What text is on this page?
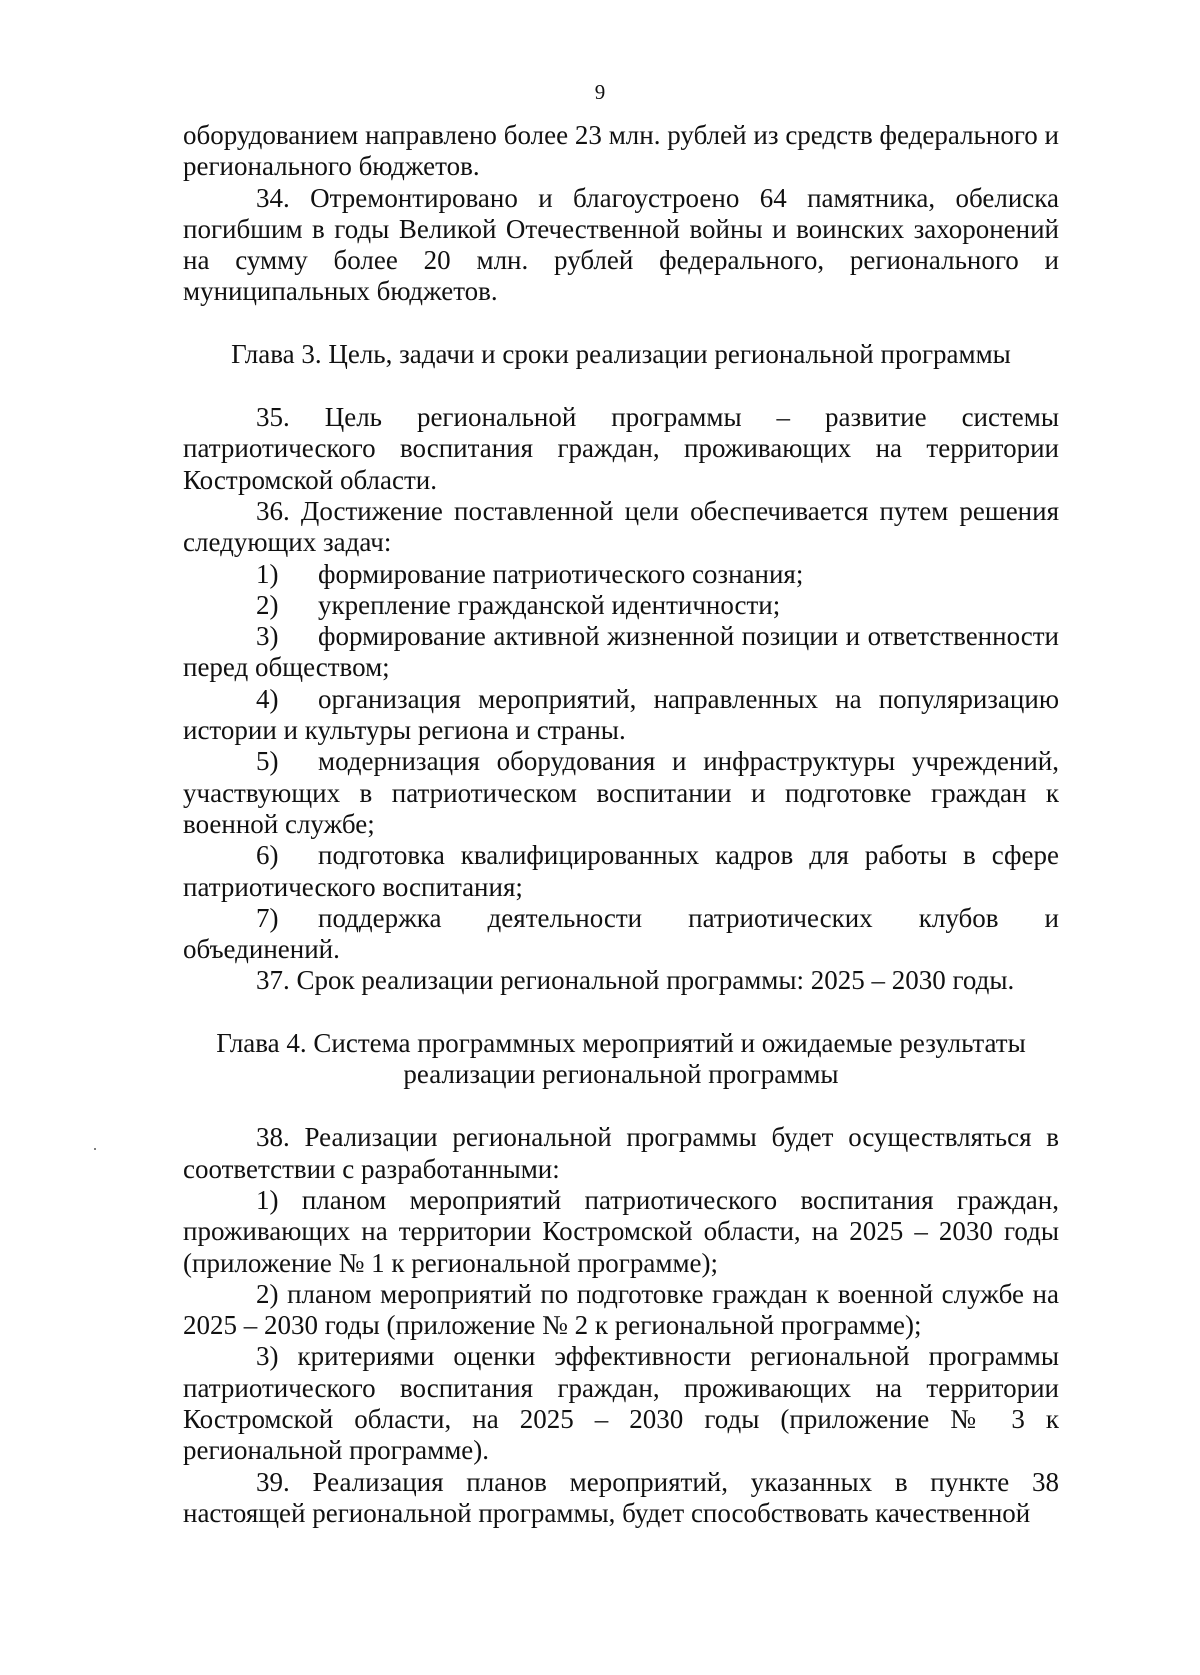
9

оборудованием направлено более 23 млн. рублей из средств федерального и регионального бюджетов.

34. Отремонтировано и благоустроено 64 памятника, обелиска погибшим в годы Великой Отечественной войны и воинских захоронений на сумму более 20 млн. рублей федерального, регионального и муниципальных бюджетов.

Глава 3. Цель, задачи и сроки реализации региональной программы

35. Цель региональной программы – развитие системы патриотического воспитания граждан, проживающих на территории Костромской области.

36. Достижение поставленной цели обеспечивается путем решения следующих задач:

1) формирование патриотического сознания;

2) укрепление гражданской идентичности;

3) формирование активной жизненной позиции и ответственности перед обществом;

4) организация мероприятий, направленных на популяризацию истории и культуры региона и страны.

5) модернизация оборудования и инфраструктуры учреждений, участвующих в патриотическом воспитании и подготовке граждан к военной службе;

6) подготовка квалифицированных кадров для работы в сфере патриотического воспитания;

7) поддержка деятельности патриотических клубов и объединений.

37. Срок реализации региональной программы: 2025 – 2030 годы.

Глава 4. Система программных мероприятий и ожидаемые результаты

реализации региональной программы

38. Реализации региональной программы будет осуществляться в соответствии с разработанными:

1) планом мероприятий патриотического воспитания граждан, проживающих на территории Костромской области, на 2025 – 2030 годы (приложение № 1 к региональной программе);

2) планом мероприятий по подготовке граждан к военной службе на 2025 – 2030 годы (приложение № 2 к региональной программе);

3) критериями оценки эффективности региональной программы патриотического воспитания граждан, проживающих на территории Костромской области, на 2025 – 2030 годы (приложение № 3 к региональной программе).

39. Реализация планов мероприятий, указанных в пункте 38 настоящей региональной программы, будет способствовать качественной
